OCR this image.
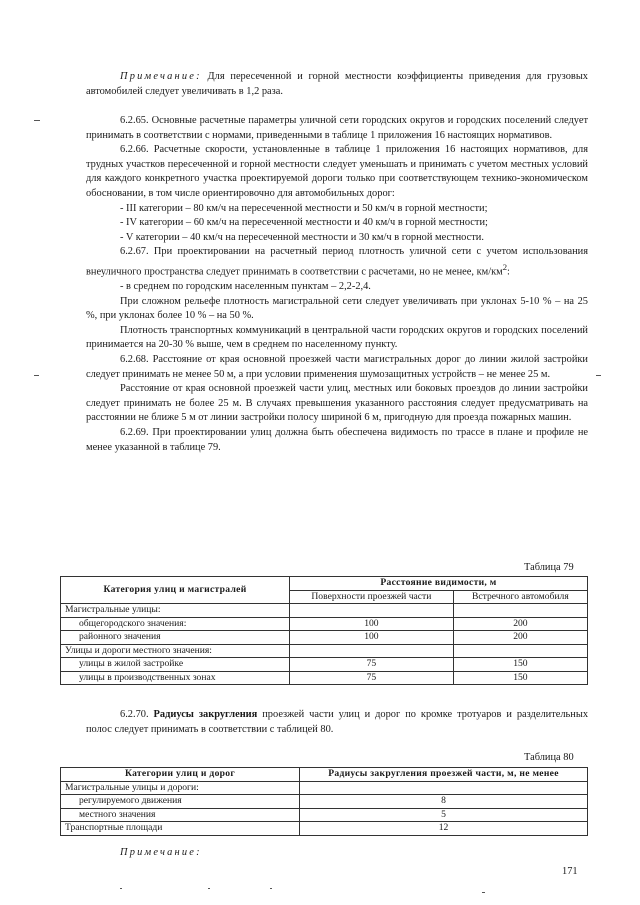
Примечание: Для пересеченной и горной местности коэффициенты приведения для грузовых автомобилей следует увеличивать в 1,2 раза.

6.2.65. Основные расчетные параметры уличной сети городских округов и городских поселений следует принимать в соответствии с нормами, приведенными в таблице 1 приложения 16 настоящих нормативов.

6.2.66. Расчетные скорости, установленные в таблице 1 приложения 16 настоящих нормативов, для трудных участков пересеченной и горной местности следует уменьшать и принимать с учетом местных условий для каждого конкретного участка проектируемой дороги только при соответствующем технико-экономическом обосновании, в том числе ориентировочно для автомобильных дорог:

- III категории – 80 км/ч на пересеченной местности и 50 км/ч в горной местности;

- IV категории – 60 км/ч на пересеченной местности и 40 км/ч в горной местности;

- V категории – 40 км/ч на пересеченной местности и 30 км/ч в горной местности.

6.2.67. При проектировании на расчетный период плотность уличной сети с учетом использования внеуличного пространства следует принимать в соответствии с расчетами, но не менее, $км/км^2$:

- в среднем по городским населенным пунктам – 2,2-2,4.

При сложном рельефе плотность магистральной сети следует увеличивать при уклонах 5-10 % – на 25 %, при уклонах более 10 % – на 50 %.

Плотность транспортных коммуникаций в центральной части городских округов и городских поселений принимается на 20-30 % выше, чем в среднем по населенному пункту.

6.2.68. Расстояние от края основной проезжей части магистральных дорог до линии жилой застройки следует принимать не менее 50 м, а при условии применения шумозащитных устройств – не менее 25 м.

Расстояние от края основной проезжей части улиц, местных или боковых проездов до линии застройки следует принимать не более 25 м. В случаях превышения указанного расстояния следует предусматривать на расстоянии не ближе 5 м от линии застройки полосу шириной 6 м, пригодную для проезда пожарных машин.

6.2.69. При проектировании улиц должна быть обеспечена видимость по трассе в плане и профиле не менее указанной в таблице 79.

Таблица 79
Категория улиц и магистралей	Расстояние видимости, м	
	Поверхности проезжей части	Встречного автомобиля
Магистральные улицы:		
общегородского значения:	100	200
районного значения	100	200
Улицы и дороги местного значения:		
улицы в жилой застройке	75	150
улицы в производственных зонах	75	150

6.2.70. Радиусы закругления проезжей части улиц и дорог по кромке тротуаров и разделительных полос следует принимать в соответствии с таблицей 80.

Таблица 80
Категории улиц и дорог	Радиусы закругления проезжей части, м, не менее
Магистральные улицы и дороги:	
регулируемого движения	8
местного значения	5
Транспортные площади	12

Примечание:

171
